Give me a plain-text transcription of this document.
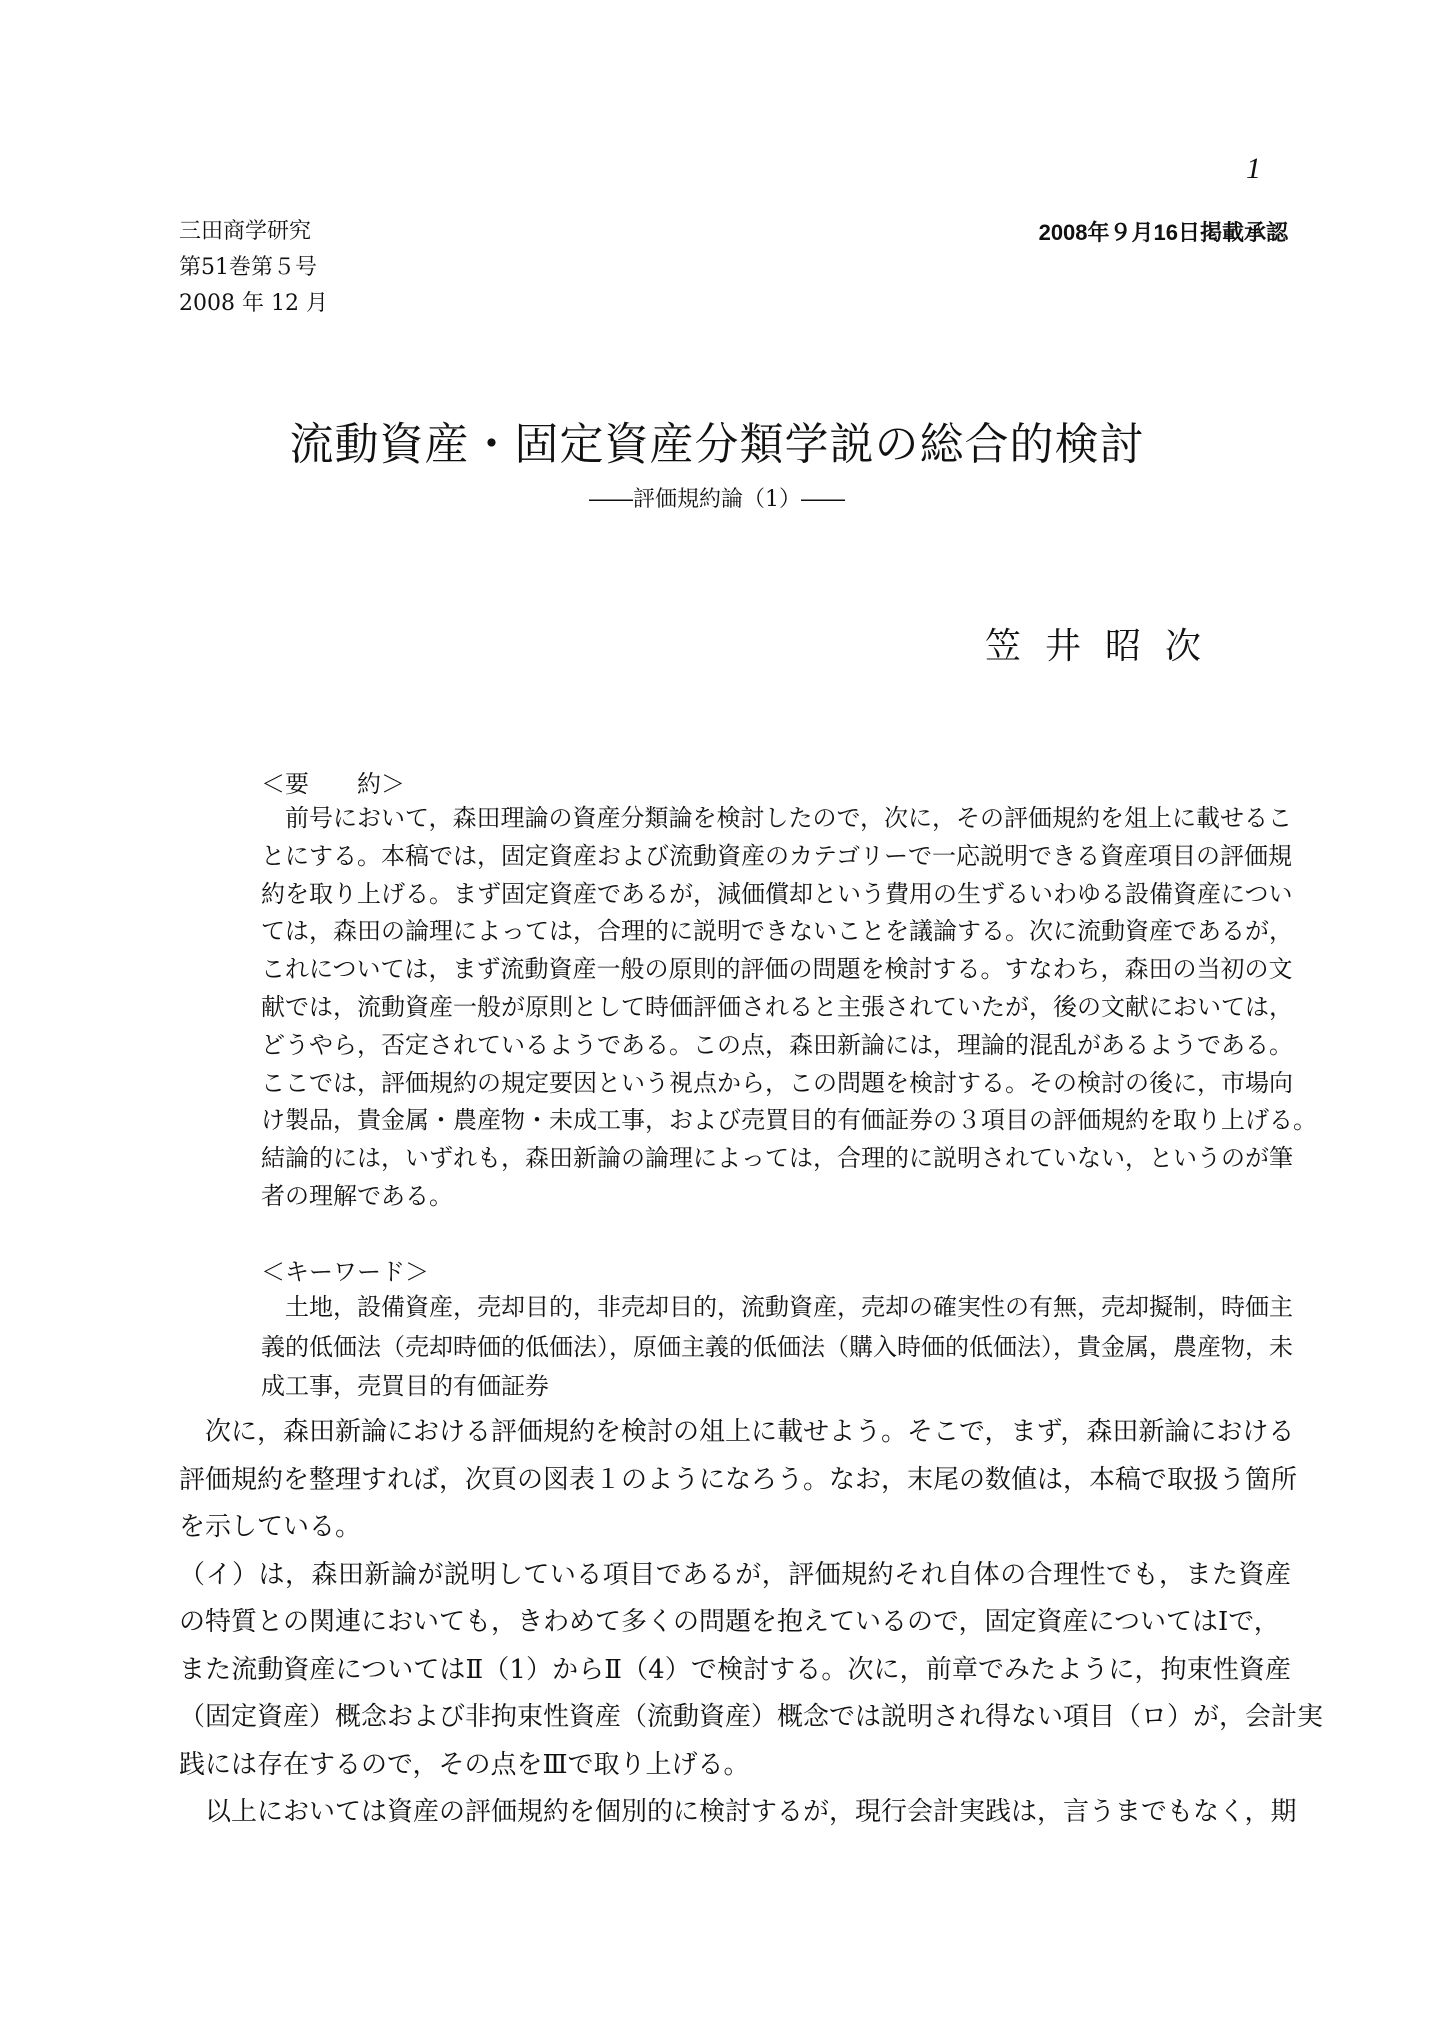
1
三田商学研究
第51巻第５号
2008 年 12 月
2008年９月16日掲載承認
流動資産・固定資産分類学説の総合的検討
――評価規約論（1）――
笠井昭次
＜要　　約＞
　前号において，森田理論の資産分類論を検討したので，次に，その評価規約を俎上に載せるこ
とにする。本稿では，固定資産および流動資産のカテゴリーで一応説明できる資産項目の評価規
約を取り上げる。まず固定資産であるが，減価償却という費用の生ずるいわゆる設備資産につい
ては，森田の論理によっては，合理的に説明できないことを議論する。次に流動資産であるが，
これについては，まず流動資産一般の原則的評価の問題を検討する。すなわち，森田の当初の文
献では，流動資産一般が原則として時価評価されると主張されていたが，後の文献においては，
どうやら，否定されているようである。この点，森田新論には，理論的混乱があるようである。
ここでは，評価規約の規定要因という視点から，この問題を検討する。その検討の後に，市場向
け製品，貴金属・農産物・未成工事，および売買目的有価証券の３項目の評価規約を取り上げる。
結論的には，いずれも，森田新論の論理によっては，合理的に説明されていない，というのが筆
者の理解である。
＜キーワード＞
　土地，設備資産，売却目的，非売却目的，流動資産，売却の確実性の有無，売却擬制，時価主
義的低価法（売却時価的低価法），原価主義的低価法（購入時価的低価法），貴金属，農産物，未
成工事，売買目的有価証券
　次に，森田新論における評価規約を検討の俎上に載せよう。そこで，まず，森田新論における
評価規約を整理すれば，次頁の図表１のようになろう。なお，末尾の数値は，本稿で取扱う箇所
を示している。
（イ）は，森田新論が説明している項目であるが，評価規約それ自体の合理性でも，また資産
の特質との関連においても，きわめて多くの問題を抱えているので，固定資産についてはⅠで，
また流動資産についてはⅡ（1）からⅡ（4）で検討する。次に，前章でみたように，拘束性資産
（固定資産）概念および非拘束性資産（流動資産）概念では説明され得ない項目（ロ）が，会計実
践には存在するので，その点をⅢで取り上げる。
　以上においては資産の評価規約を個別的に検討するが，現行会計実践は，言うまでもなく，期
